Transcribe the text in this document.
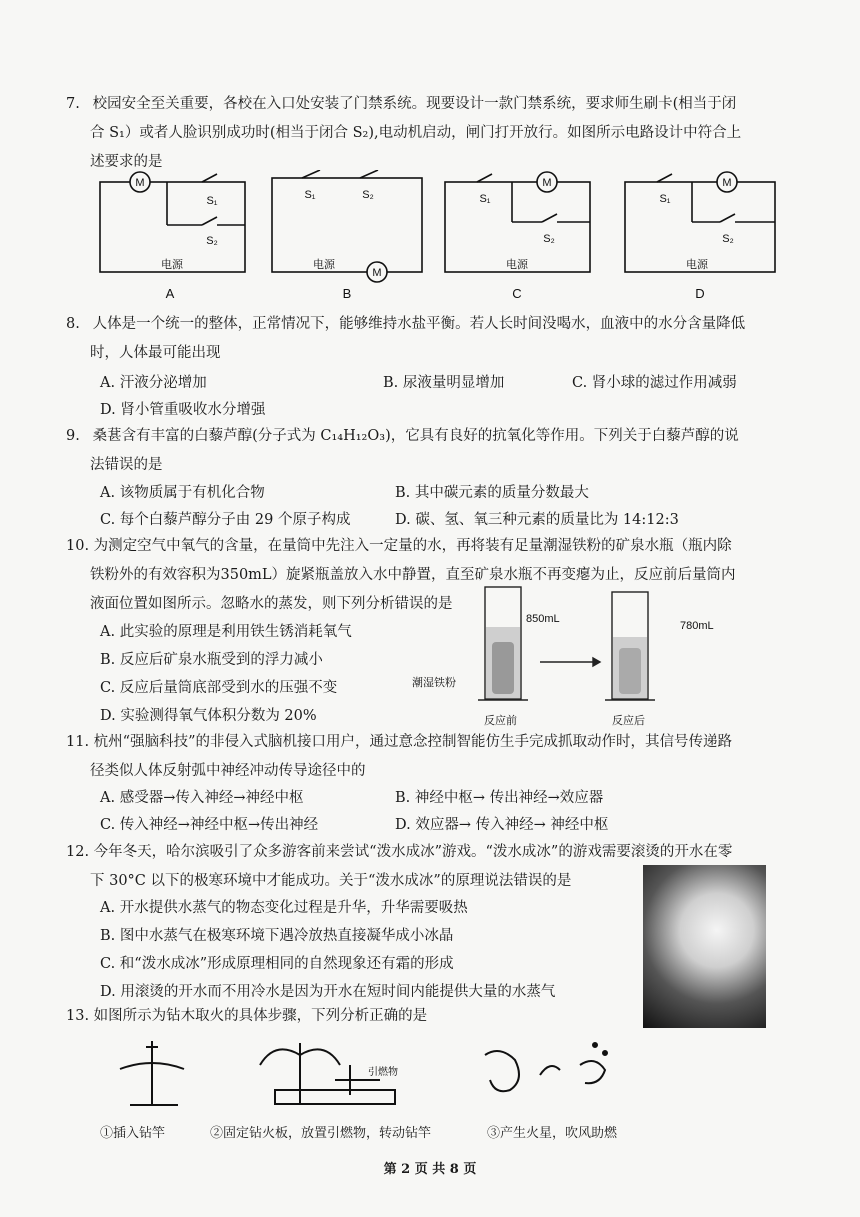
7. 校园安全至关重要，各校在入口处安装了门禁系统。现要设计一款门禁系统，要求师生刷卡(相当于闭
合 S₁）或者人脸识别成功时(相当于闭合 S₂),电动机启动，闸门打开放行。如图所示电路设计中符合上
述要求的是
M
M
M	M
S₁
S₂
S₁	S₂	S₁
S₂
S₁
S₂
电源	电源	电源	电源
A	B	C	D
8. 人体是一个统一的整体，正常情况下，能够维持水盐平衡。若人长时间没喝水，血液中的水分含量降低
时，人体最可能出现
A. 汗液分泌增加	B. 尿液量明显增加	C. 肾小球的滤过作用减弱
D. 肾小管重吸收水分增强
9. 桑葚含有丰富的白藜芦醇(分子式为 C₁₄H₁₂O₃)，它具有良好的抗氧化等作用。下列关于白藜芦醇的说
法错误的是
A. 该物质属于有机化合物	B. 其中碳元素的质量分数最大
C. 每个白藜芦醇分子由 29 个原子构成	D. 碳、氢、氧三种元素的质量比为 14:12:3
10. 为测定空气中氧气的含量，在量筒中先注入一定量的水，再将装有足量潮湿铁粉的矿泉水瓶（瓶内除
铁粉外的有效容积为350mL）旋紧瓶盖放入水中静置，直至矿泉水瓶不再变瘪为止，反应前后量筒内
液面位置如图所示。忽略水的蒸发，则下列分析错误的是
A. 此实验的原理是利用铁生锈消耗氧气
B. 反应后矿泉水瓶受到的浮力减小
C. 反应后量筒底部受到水的压强不变
D. 实验测得氧气体积分数为 20%
850mL
780mL
潮湿铁粉
反应前	反应后
11. 杭州“强脑科技”的非侵入式脑机接口用户，通过意念控制智能仿生手完成抓取动作时，其信号传递路
径类似人体反射弧中神经冲动传导途径中的
A. 感受器→传入神经→神经中枢	B. 神经中枢→ 传出神经→效应器
C. 传入神经→神经中枢→传出神经	D. 效应器→ 传入神经→ 神经中枢
12. 今年冬天，哈尔滨吸引了众多游客前来尝试“泼水成冰”游戏。“泼水成冰”的游戏需要滚烫的开水在零
下 30°C 以下的极寒环境中才能成功。关于“泼水成冰”的原理说法错误的是
A. 开水提供水蒸气的物态变化过程是升华，升华需要吸热
B. 图中水蒸气在极寒环境下遇冷放热直接凝华成小冰晶
C. 和“泼水成冰”形成原理相同的自然现象还有霜的形成
D. 用滚烫的开水而不用冷水是因为开水在短时间内能提供大量的水蒸气
13. 如图所示为钻木取火的具体步骤，下列分析正确的是
引燃物
①插入钻竿	②固定钻火板，放置引燃物，转动钻竿	③产生火星，吹风助燃
第 2 页 共 8 页
